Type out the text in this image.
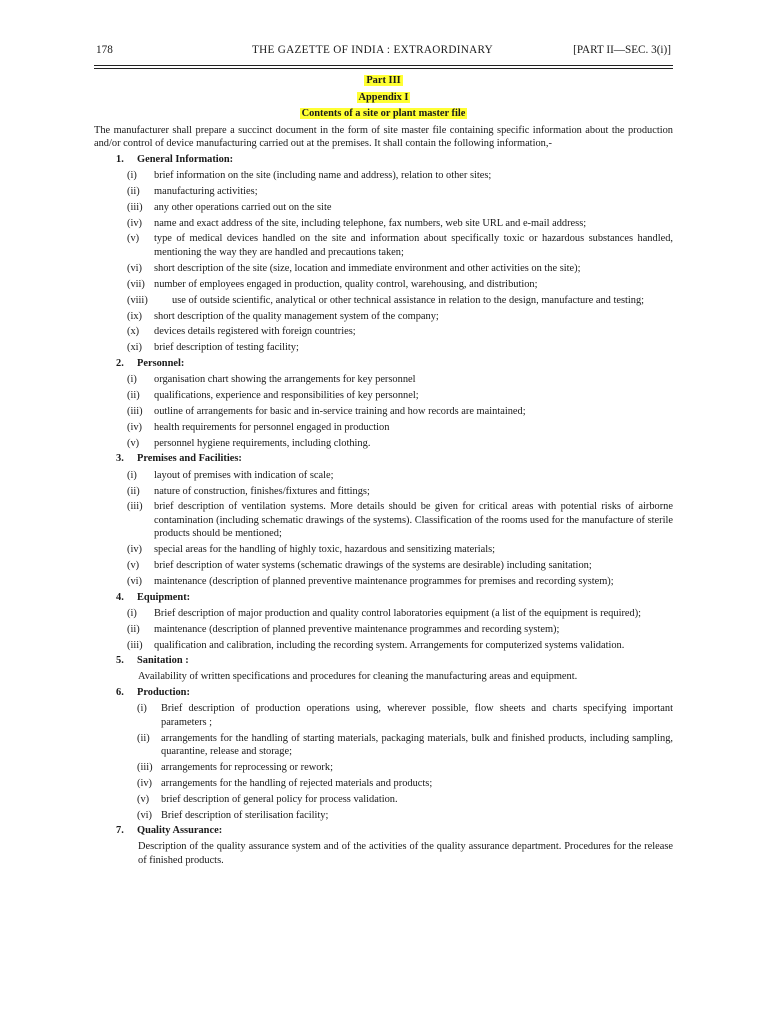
178	THE GAZETTE OF INDIA : EXTRAORDINARY	[PART II—SEC. 3(i)]
Part III
Appendix I
Contents of a site or plant master file
The manufacturer shall prepare a succinct document in the form of site master file containing specific information about the production and/or control of device manufacturing carried out at the premises. It shall contain the following information,-
1. General Information:
(i) brief information on the site (including name and address), relation to other sites;
(ii) manufacturing activities;
(iii) any other operations carried out on the site
(iv) name and exact address of the site, including telephone, fax numbers, web site URL and e-mail address;
(v) type of medical devices handled on the site and information about specifically toxic or hazardous substances handled, mentioning the way they are handled and precautions taken;
(vi) short description of the site (size, location and immediate environment and other activities on the site);
(vii) number of employees engaged in production, quality control, warehousing, and distribution;
(viii) use of outside scientific, analytical or other technical assistance in relation to the design, manufacture and testing;
(ix) short description of the quality management system of the company;
(x) devices details registered with foreign countries;
(xi) brief description of testing facility;
2. Personnel:
(i) organisation chart showing the arrangements for key personnel
(ii) qualifications, experience and responsibilities of key personnel;
(iii) outline of arrangements for basic and in-service training and how records are maintained;
(iv) health requirements for personnel engaged in production
(v) personnel hygiene requirements, including clothing.
3. Premises and Facilities:
(i) layout of premises with indication of scale;
(ii) nature of construction, finishes/fixtures and fittings;
(iii) brief description of ventilation systems. More details should be given for critical areas with potential risks of airborne contamination (including schematic drawings of the systems). Classification of the rooms used for the manufacture of sterile products should be mentioned;
(iv) special areas for the handling of highly toxic, hazardous and sensitizing materials;
(v) brief description of water systems (schematic drawings of the systems are desirable) including sanitation;
(vi) maintenance (description of planned preventive maintenance programmes for premises and recording system);
4. Equipment:
(i) Brief description of major production and quality control laboratories equipment (a list of the equipment is required);
(ii) maintenance (description of planned preventive maintenance programmes and recording system);
(iii) qualification and calibration, including the recording system. Arrangements for computerized systems validation.
5. Sanitation :
Availability of written specifications and procedures for cleaning the manufacturing areas and equipment.
6. Production:
(i) Brief description of production operations using, wherever possible, flow sheets and charts specifying important parameters ;
(ii) arrangements for the handling of starting materials, packaging materials, bulk and finished products, including sampling, quarantine, release and storage;
(iii) arrangements for reprocessing or rework;
(iv) arrangements for the handling of rejected materials and products;
(v) brief description of general policy for process validation.
(vi) Brief description of sterilisation facility;
7. Quality Assurance:
Description of the quality assurance system and of the activities of the quality assurance department. Procedures for the release of finished products.
